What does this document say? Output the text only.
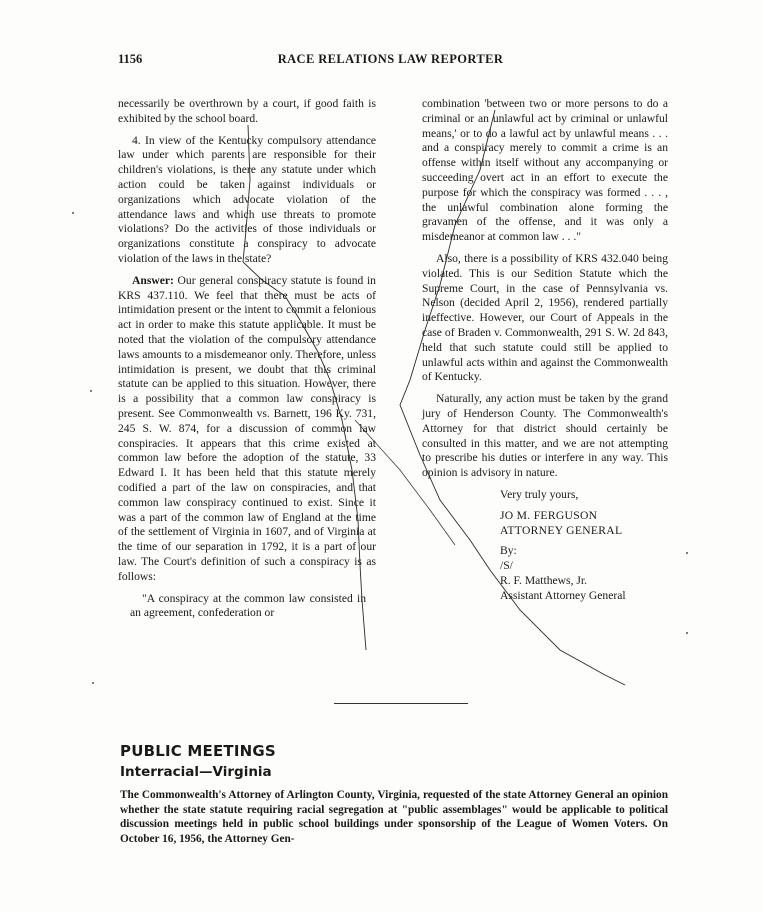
1156	RACE RELATIONS LAW REPORTER

necessarily be overthrown by a court, if good faith is exhibited by the school board.

4. In view of the Kentucky compulsory attendance law under which parents are responsible for their children's violations, is there any statute under which action could be taken against individuals or organizations which advocate violation of the attendance laws and which use threats to promote violations? Do the activities of those individuals or organizations constitute a conspiracy to advocate violation of the laws in the state?

Answer: Our general conspiracy statute is found in KRS 437.110. We feel that there must be acts of intimidation present or the intent to commit a felonious act in order to make this statute applicable. It must be noted that the violation of the compulsory attendance laws amounts to a misdemeanor only. Therefore, unless intimidation is present, we doubt that this criminal statute can be applied to this situation. However, there is a possibility that a common law conspiracy is present. See Commonwealth vs. Barnett, 196 Ky. 731, 245 S. W. 874, for a discussion of common law conspiracies. It appears that this crime existed at common law before the adoption of the statute, 33 Edward I. It has been held that this statute merely codified a part of the law on conspiracies, and that common law conspiracy continued to exist. Since it was a part of the common law of England at the time of the settlement of Virginia in 1607, and of Virginia at the time of our separation in 1792, it is a part of our law. The Court's definition of such a conspiracy is as follows:

"A conspiracy at the common law consisted in an agreement, confederation or

combination 'between two or more persons to do a criminal or an unlawful act by criminal or unlawful means,' or to do a lawful act by unlawful means . . . and a conspiracy merely to commit a crime is an offense within itself without any accompanying or succeeding overt act in an effort to execute the purpose for which the conspiracy was formed . . . , the unlawful combination alone forming the gravamen of the offense, and it was only a misdemeanor at common law . . ."

Also, there is a possibility of KRS 432.040 being violated. This is our Sedition Statute which the Supreme Court, in the case of Pennsylvania vs. Nelson (decided April 2, 1956), rendered partially ineffective. However, our Court of Appeals in the case of Braden v. Commonwealth, 291 S. W. 2d 843, held that such statute could still be applied to unlawful acts within and against the Commonwealth of Kentucky.

Naturally, any action must be taken by the grand jury of Henderson County. The Commonwealth's Attorney for that district should certainly be consulted in this matter, and we are not attempting to prescribe his duties or interfere in any way. This opinion is advisory in nature.

Very truly yours,
JO M. FERGUSON
ATTORNEY GENERAL
By:
/S/
R. F. Matthews, Jr.
Assistant Attorney General
PUBLIC MEETINGS
Interracial—Virginia

The Commonwealth's Attorney of Arlington County, Virginia, requested of the state Attorney General an opinion whether the state statute requiring racial segregation at "public assemblages" would be applicable to political discussion meetings held in public school buildings under sponsorship of the League of Women Voters. On October 16, 1956, the Attorney Gen-
